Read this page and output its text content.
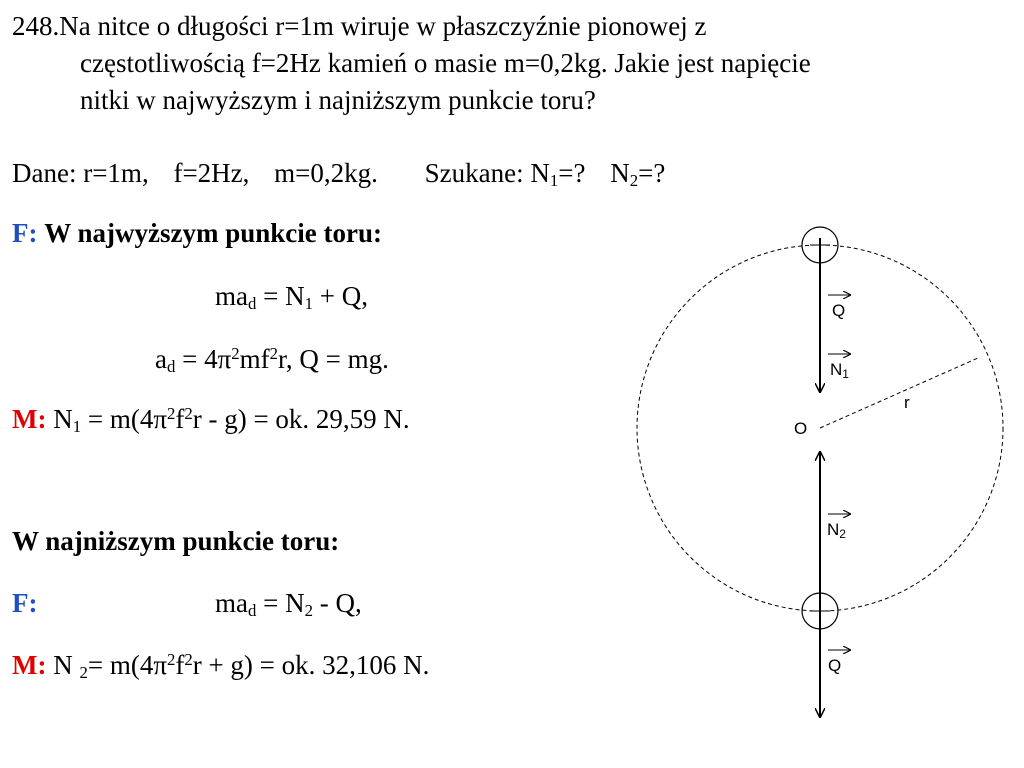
248.Na nitce o długości r=1m wiruje w płaszczyźnie pionowej z
częstotliwością f=2Hz kamień o masie m=0,2kg. Jakie jest napięcie
nitki w najwyższym i najniższym punkcie toru?
Dane: r=1m, f=2Hz, m=0,2kg. Szukane: $N_1=$? $N_2=$?
F: W najwyższym punkcie toru:
$ma_d = N_1 + Q$,
$a_d = 4\pi^2mf^2r$, Q = mg.
M: $N_1 = m(4\pi^2f^2r - g)$ = ok. 29,59 N.
W najniższym punkcie toru:
F:	$ma_d = N_2 - Q$,
M: N $_2= m(4\pi^2f^2r + g)$ = ok. 32,106 N.
Q
$N_1$
r
O
$N_2$
Q
